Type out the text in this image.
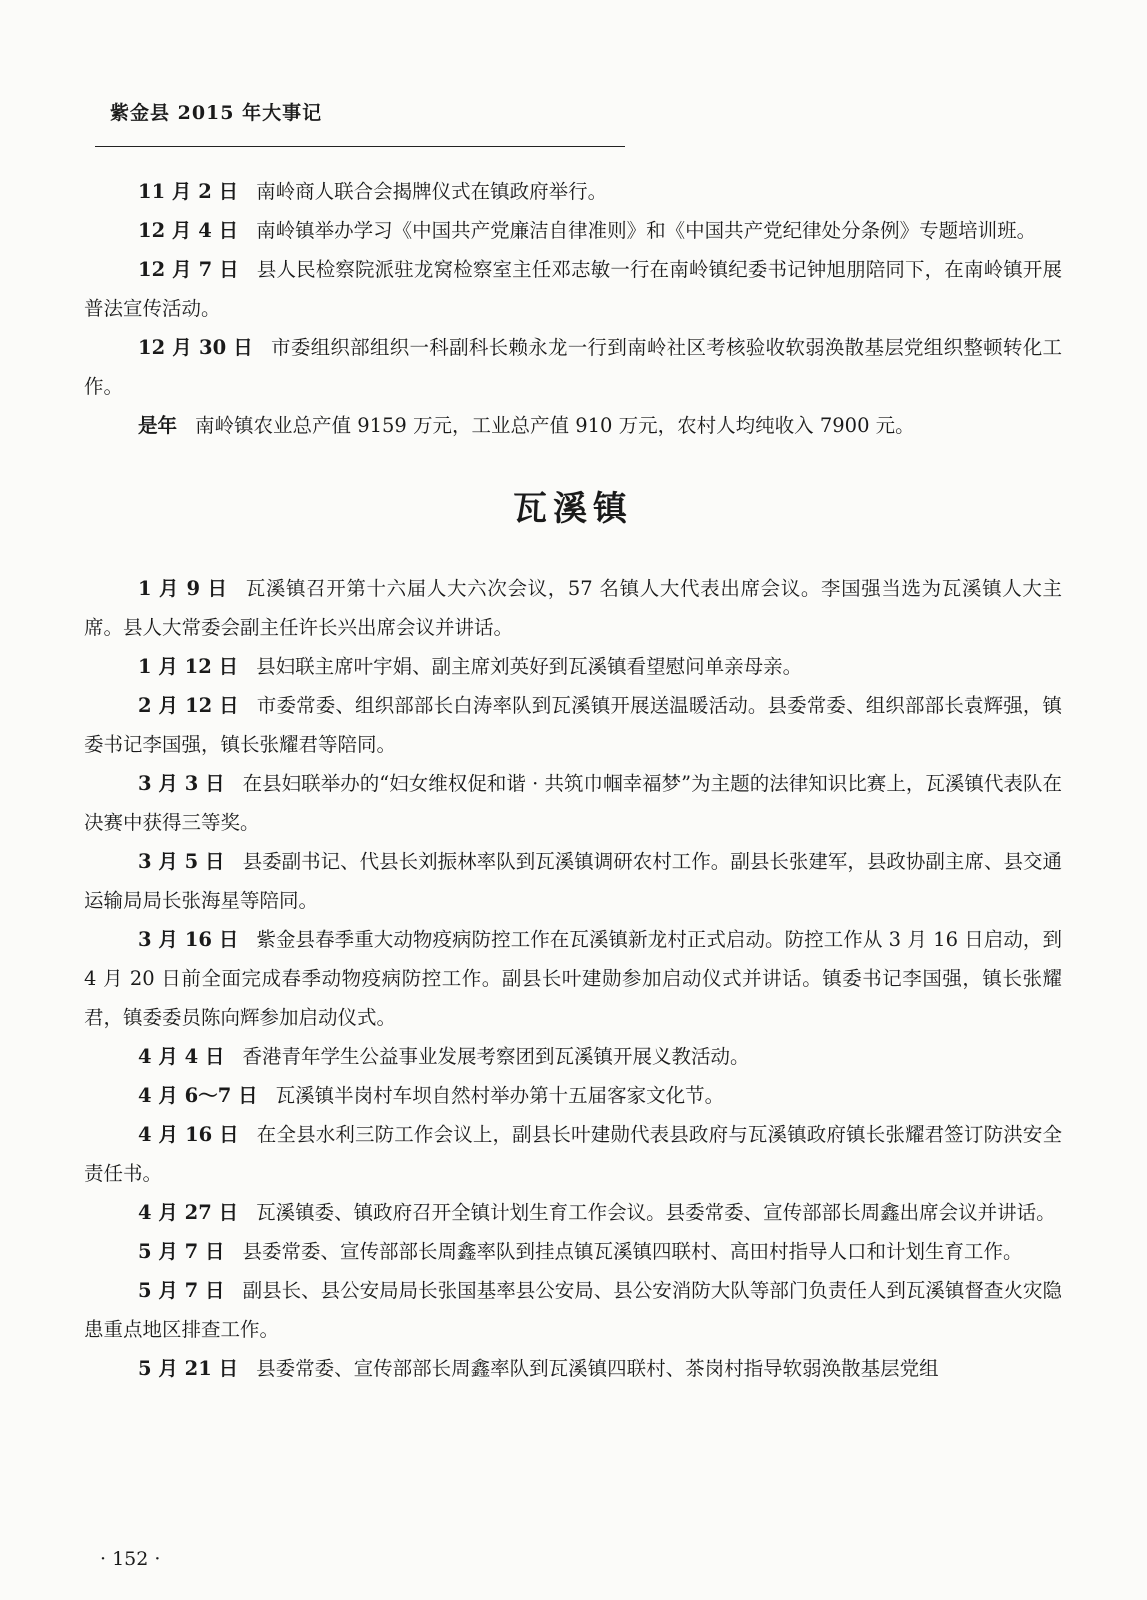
紫金县 2015 年大事记

11 月 2 日 南岭商人联合会揭牌仪式在镇政府举行。

12 月 4 日 南岭镇举办学习《中国共产党廉洁自律准则》和《中国共产党纪律处分条例》专题培训班。

12 月 7 日 县人民检察院派驻龙窝检察室主任邓志敏一行在南岭镇纪委书记钟旭朋陪同下，在南岭镇开展普法宣传活动。

12 月 30 日 市委组织部组织一科副科长赖永龙一行到南岭社区考核验收软弱涣散基层党组织整顿转化工作。

是年 南岭镇农业总产值 9159 万元，工业总产值 910 万元，农村人均纯收入 7900 元。

瓦溪镇

1 月 9 日 瓦溪镇召开第十六届人大六次会议，57 名镇人大代表出席会议。李国强当选为瓦溪镇人大主席。县人大常委会副主任许长兴出席会议并讲话。

1 月 12 日 县妇联主席叶宇娟、副主席刘英好到瓦溪镇看望慰问单亲母亲。

2 月 12 日 市委常委、组织部部长白涛率队到瓦溪镇开展送温暖活动。县委常委、组织部部长袁辉强，镇委书记李国强，镇长张耀君等陪同。

3 月 3 日 在县妇联举办的“妇女维权促和谐 · 共筑巾帼幸福梦”为主题的法律知识比赛上，瓦溪镇代表队在决赛中获得三等奖。

3 月 5 日 县委副书记、代县长刘振林率队到瓦溪镇调研农村工作。副县长张建军，县政协副主席、县交通运输局局长张海星等陪同。

3 月 16 日 紫金县春季重大动物疫病防控工作在瓦溪镇新龙村正式启动。防控工作从 3 月 16 日启动，到 4 月 20 日前全面完成春季动物疫病防控工作。副县长叶建勋参加启动仪式并讲话。镇委书记李国强，镇长张耀君，镇委委员陈向辉参加启动仪式。

4 月 4 日 香港青年学生公益事业发展考察团到瓦溪镇开展义教活动。

4 月 6～7 日 瓦溪镇半岗村车坝自然村举办第十五届客家文化节。

4 月 16 日 在全县水利三防工作会议上，副县长叶建勋代表县政府与瓦溪镇政府镇长张耀君签订防洪安全责任书。

4 月 27 日 瓦溪镇委、镇政府召开全镇计划生育工作会议。县委常委、宣传部部长周鑫出席会议并讲话。

5 月 7 日 县委常委、宣传部部长周鑫率队到挂点镇瓦溪镇四联村、高田村指导人口和计划生育工作。

5 月 7 日 副县长、县公安局局长张国基率县公安局、县公安消防大队等部门负责任人到瓦溪镇督查火灾隐患重点地区排查工作。

5 月 21 日 县委常委、宣传部部长周鑫率队到瓦溪镇四联村、茶岗村指导软弱涣散基层党组

· 152 ·
